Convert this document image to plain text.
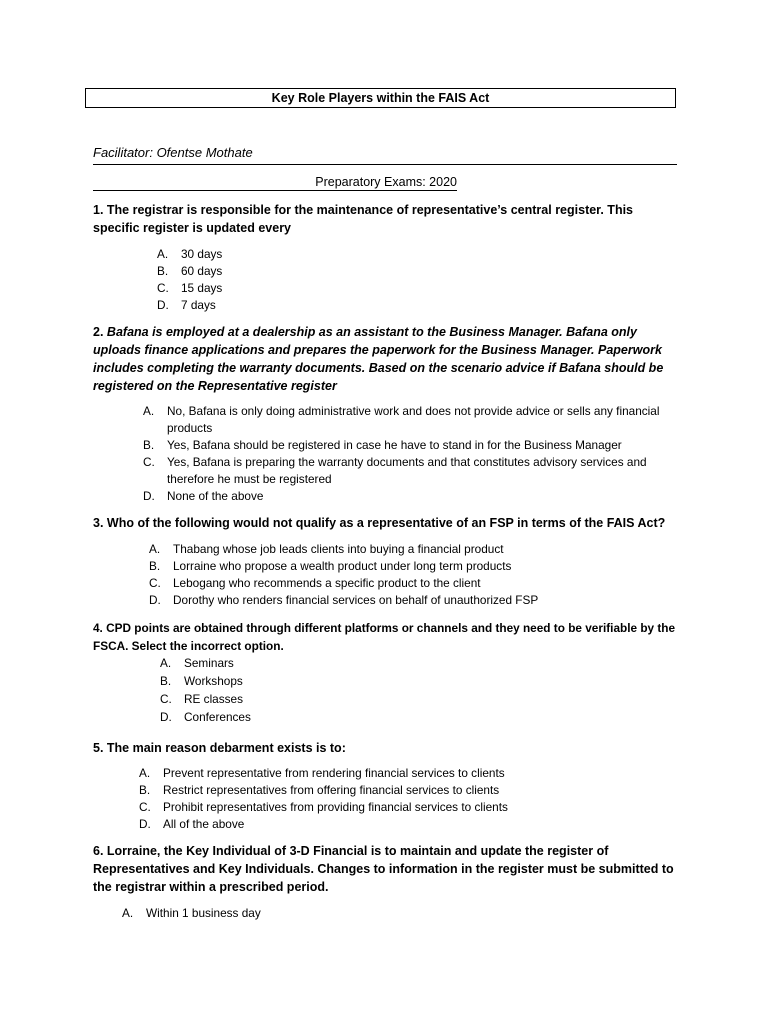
Key Role Players within the FAIS Act
Facilitator: Ofentse Mothate
Preparatory Exams: 2020
1. The registrar is responsible for the maintenance of representative’s central register. This specific register is updated every
A. 30 days
B. 60 days
C. 15 days
D. 7 days
2. Bafana is employed at a dealership as an assistant to the Business Manager. Bafana only uploads finance applications and prepares the paperwork for the Business Manager. Paperwork includes completing the warranty documents. Based on the scenario advice if Bafana should be registered on the Representative register
A. No, Bafana is only doing administrative work and does not provide advice or sells any financial products
B. Yes, Bafana should be registered in case he have to stand in for the Business Manager
C. Yes, Bafana is preparing the warranty documents and that constitutes advisory services and therefore he must be registered
D. None of the above
3. Who of the following would not qualify as a representative of an FSP in terms of the FAIS Act?
A. Thabang whose job leads clients into buying a financial product
B. Lorraine who propose a wealth product under long term products
C. Lebogang who recommends a specific product to the client
D. Dorothy who renders financial services on behalf of unauthorized FSP
4. CPD points are obtained through different platforms or channels and they need to be verifiable by the FSCA. Select the incorrect option.
A. Seminars
B. Workshops
C. RE classes
D. Conferences
5. The main reason debarment exists is to:
A. Prevent representative from rendering financial services to clients
B. Restrict representatives from offering financial services to clients
C. Prohibit representatives from providing financial services to clients
D. All of the above
6. Lorraine, the Key Individual of 3-D Financial is to maintain and update the register of Representatives and Key Individuals. Changes to information in the register must be submitted to the registrar within a prescribed period.
A. Within 1 business day
